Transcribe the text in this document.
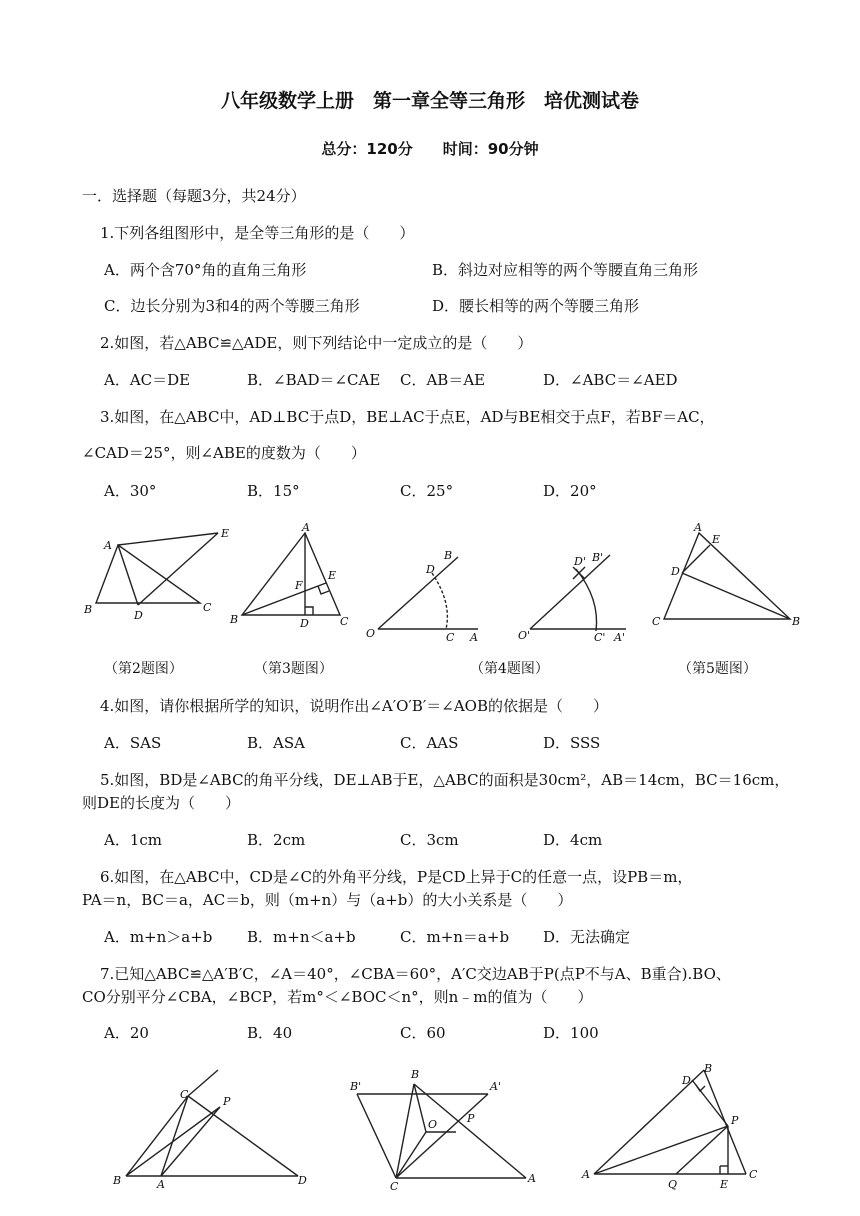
八年级数学上册　第一章全等三角形　培优测试卷
总分：120分　　时间：90分钟
一．选择题（每题3分，共24分）
1.下列各组图形中，是全等三角形的是（　　）
A．两个含70°角的直角三角形	B．斜边对应相等的两个等腰直角三角形
C．边长分别为3和4的两个等腰三角形	D．腰长相等的两个等腰三角形
2.如图，若△ABC≌△ADE，则下列结论中一定成立的是（　　）
A．AC＝DE	B．∠BAD＝∠CAE C．AB＝AE	D．∠ABC＝∠AED
3.如图，在△ABC中，AD⊥BC于点D，BE⊥AC于点E，AD与BE相交于点F，若BF＝AC，
∠CAD＝25°，则∠ABE的度数为（　　）
A．30°	B．15°	C．25°	D．20°
A
E
B	D
C
A
E
F
B	D	C
B
D
O	C A
B'
D'
O'	C' A'
A
E
D
C	B
（第2题图）	（第3题图）	（第4题图）	（第5题图）
4.如图，请你根据所学的知识，说明作出∠A′O′B′＝∠AOB的依据是（　　）
A．SAS	B．ASA	C．AAS	D．SSS
5.如图，BD是∠ABC的角平分线，DE⊥AB于E，△ABC的面积是30cm²，AB＝14cm，BC＝16cm，
则DE的长度为（　　）
A．1cm	B．2cm	C．3cm	D．4cm
6.如图，在△ABC中，CD是∠C的外角平分线，P是CD上异于C的任意一点，设PB＝m，
PA＝n，BC＝a，AC＝b，则（m+n）与（a+b）的大小关系是（　　）
A．m+n＞a+b B．m+n＜a+b	C．m+n＝a+b D．无法确定
7.已知△ABC≌△A′B′C，∠A＝40°，∠CBA＝60°，A′C交边AB于P(点P不与A、B重合).BO、
CO分别平分∠CBA，∠BCP，若m°＜∠BOC＜n°，则n﹣m的值为（　　）
A．20	B．40	C．60	D．100
C
P
B	A	D
B'
B
A'
O	P
C
A
D
B
P
A
Q	E
C
